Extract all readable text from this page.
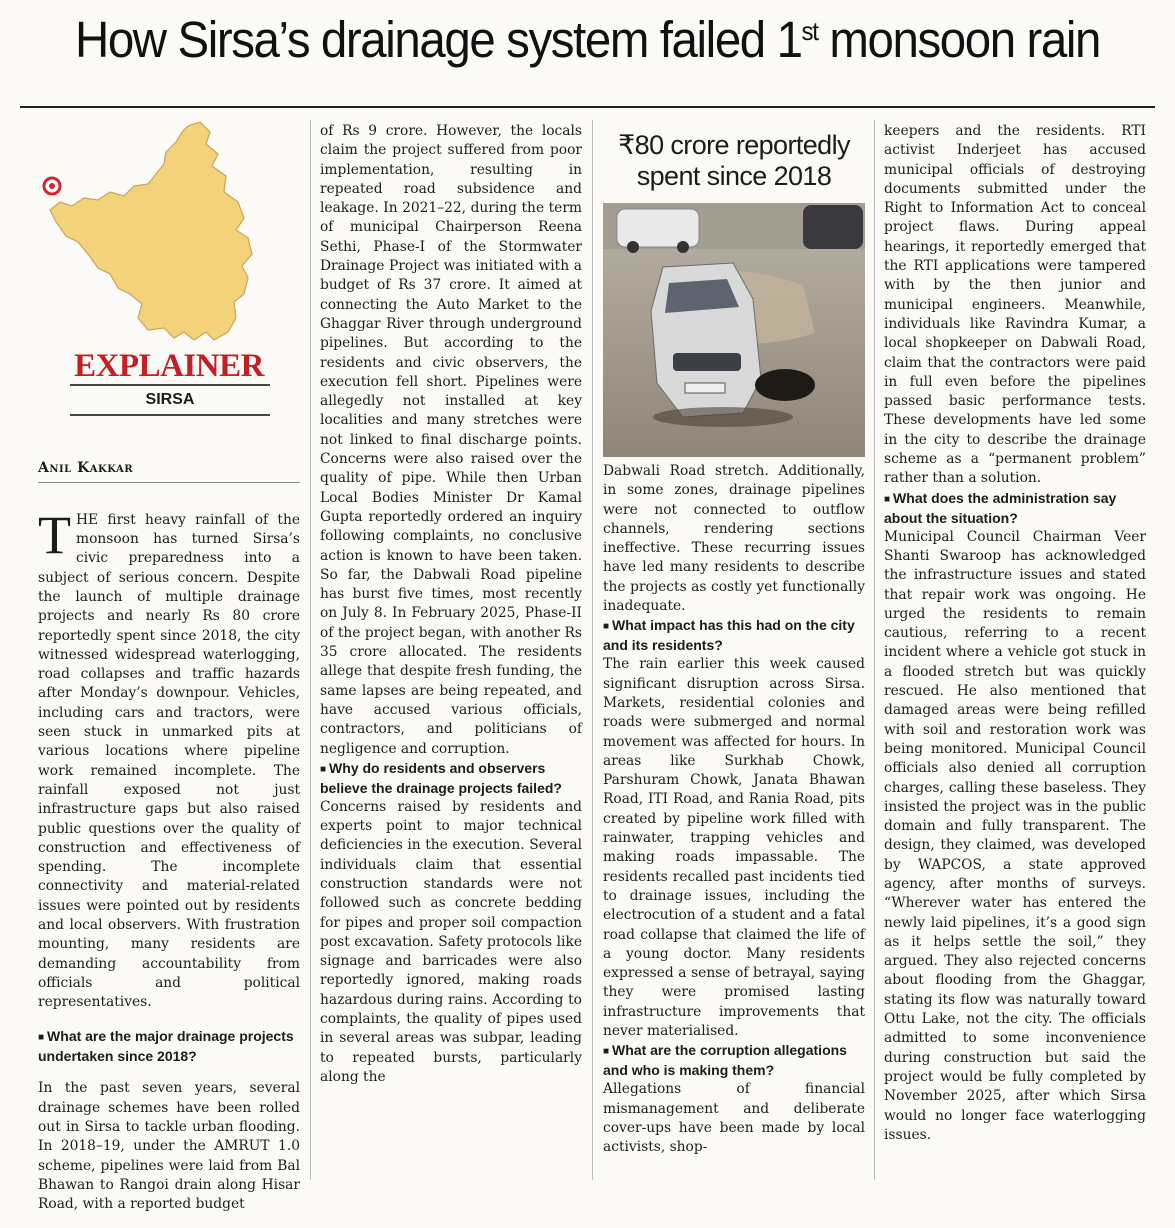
How Sirsa’s drainage system failed 1st monsoon rain
EXPLAINER
SIRSA
Anil Kakkar

THE first heavy rainfall of the monsoon has turned Sirsa’s civic preparedness into a subject of serious concern. Despite the launch of multiple drainage projects and nearly Rs 80 crore reportedly spent since 2018, the city witnessed widespread waterlogging, road collapses and traffic hazards after Monday’s downpour. Vehicles, including cars and tractors, were seen stuck in unmarked pits at various locations where pipeline work remained incomplete. The rainfall exposed not just infrastructure gaps but also raised public questions over the quality of construction and effectiveness of spending. The incomplete connectivity and material-related issues were pointed out by residents and local observers. With frustration mounting, many residents are demanding accountability from officials and political representatives.

■ What are the major drainage projects undertaken since 2018?

In the past seven years, several drainage schemes have been rolled out in Sirsa to tackle urban flooding. In 2018–19, under the AMRUT 1.0 scheme, pipelines were laid from Bal Bhawan to Rangoi drain along Hisar Road, with a reported budget

of Rs 9 crore. However, the locals claim the project suffered from poor implementation, resulting in repeated road subsidence and leakage. In 2021–22, during the term of municipal Chairperson Reena Sethi, Phase-I of the Stormwater Drainage Project was initiated with a budget of Rs 37 crore. It aimed at connecting the Auto Market to the Ghaggar River through underground pipelines. But according to the residents and civic observers, the execution fell short. Pipelines were allegedly not installed at key localities and many stretches were not linked to final discharge points. Concerns were also raised over the quality of pipe. While then Urban Local Bodies Minister Dr Kamal Gupta reportedly ordered an inquiry following complaints, no conclusive action is known to have been taken. So far, the Dabwali Road pipeline has burst five times, most recently on July 8. In February 2025, Phase-II of the project began, with another Rs 35 crore allocated. The residents allege that despite fresh funding, the same lapses are being repeated, and have accused various officials, contractors, and politicians of negligence and corruption.

■ Why do residents and observers believe the drainage projects failed?

Concerns raised by residents and experts point to major technical deficiencies in the execution. Several individuals claim that essential construction standards were not followed such as concrete bedding for pipes and proper soil compaction post excavation. Safety protocols like signage and barricades were also reportedly ignored, making roads hazardous during rains. According to complaints, the quality of pipes used in several areas was subpar, leading to repeated bursts, particularly along the

₹80 crore reportedly spent since 2018

Dabwali Road stretch. Additionally, in some zones, drainage pipelines were not connected to outflow channels, rendering sections ineffective. These recurring issues have led many residents to describe the projects as costly yet functionally inadequate.

■ What impact has this had on the city and its residents?

The rain earlier this week caused significant disruption across Sirsa. Markets, residential colonies and roads were submerged and normal movement was affected for hours. In areas like Surkhab Chowk, Parshuram Chowk, Janata Bhawan Road, ITI Road, and Rania Road, pits created by pipeline work filled with rainwater, trapping vehicles and making roads impassable. The residents recalled past incidents tied to drainage issues, including the electrocution of a student and a fatal road collapse that claimed the life of a young doctor. Many residents expressed a sense of betrayal, saying they were promised lasting infrastructure improvements that never materialised.

■ What are the corruption allegations and who is making them?

Allegations of financial mismanagement and deliberate cover-ups have been made by local activists, shop-

keepers and the residents. RTI activist Inderjeet has accused municipal officials of destroying documents submitted under the Right to Information Act to conceal project flaws. During appeal hearings, it reportedly emerged that the RTI applications were tampered with by the then junior and municipal engineers. Meanwhile, individuals like Ravindra Kumar, a local shopkeeper on Dabwali Road, claim that the contractors were paid in full even before the pipelines passed basic performance tests. These developments have led some in the city to describe the drainage scheme as a “permanent problem” rather than a solution.

■ What does the administration say about the situation?

Municipal Council Chairman Veer Shanti Swaroop has acknowledged the infrastructure issues and stated that repair work was ongoing. He urged the residents to remain cautious, referring to a recent incident where a vehicle got stuck in a flooded stretch but was quickly rescued. He also mentioned that damaged areas were being refilled with soil and restoration work was being monitored. Municipal Council officials also denied all corruption charges, calling these baseless. They insisted the project was in the public domain and fully transparent. The design, they claimed, was developed by WAPCOS, a state approved agency, after months of surveys. “Wherever water has entered the newly laid pipelines, it’s a good sign as it helps settle the soil,” they argued. They also rejected concerns about flooding from the Ghaggar, stating its flow was naturally toward Ottu Lake, not the city. The officials admitted to some inconvenience during construction but said the project would be fully completed by November 2025, after which Sirsa would no longer face waterlogging issues.
